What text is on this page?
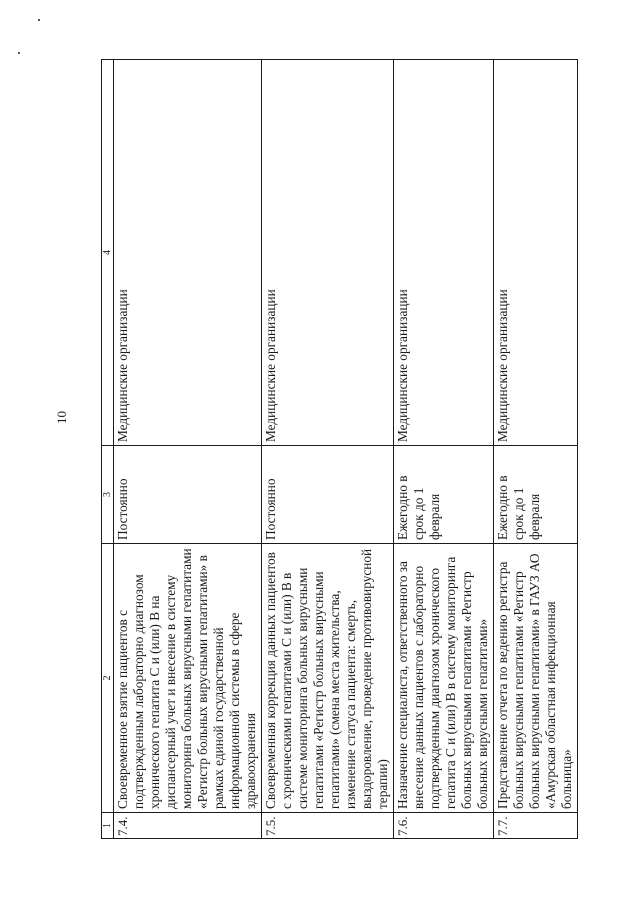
10
1	2	3	4
7.4.	Своевременное взятие пациентов с подтвержденным лабораторно диагнозом хронического гепатита С и (или) В на диспансерный учет и внесение в систему мониторинга больных вирусными гепатитами «Регистр больных вирусными гепатитами» в рамках единой государственной информационной системы в сфере здравоохранения	Постоянно	Медицинские организации
7.5.	Своевременная коррекция данных пациентов с хроническими гепатитами С и (или) В в системе мониторинга больных вирусными гепатитами «Регистр больных вирусными гепатитами» (смена места жительства, изменение статуса пациента: смерть, выздоровление, проведение противовирусной терапии)	Постоянно	Медицинские организации
7.6.	Назначение специалиста, ответственного за внесение данных пациентов с лабораторно подтвержденным диагнозом хронического гепатита С и (или) В в систему мониторинга больных вирусными гепатитами «Регистр больных вирусными гепатитами»	Ежегодно в срок до 1 февраля	Медицинские организации
7.7.	Представление отчета по ведению регистра больных вирусными гепатитами «Регистр больных вирусными гепатитами» в ГАУЗ АО «Амурская областная инфекционная больница»	Ежегодно в срок до 1 февраля	Медицинские организации
